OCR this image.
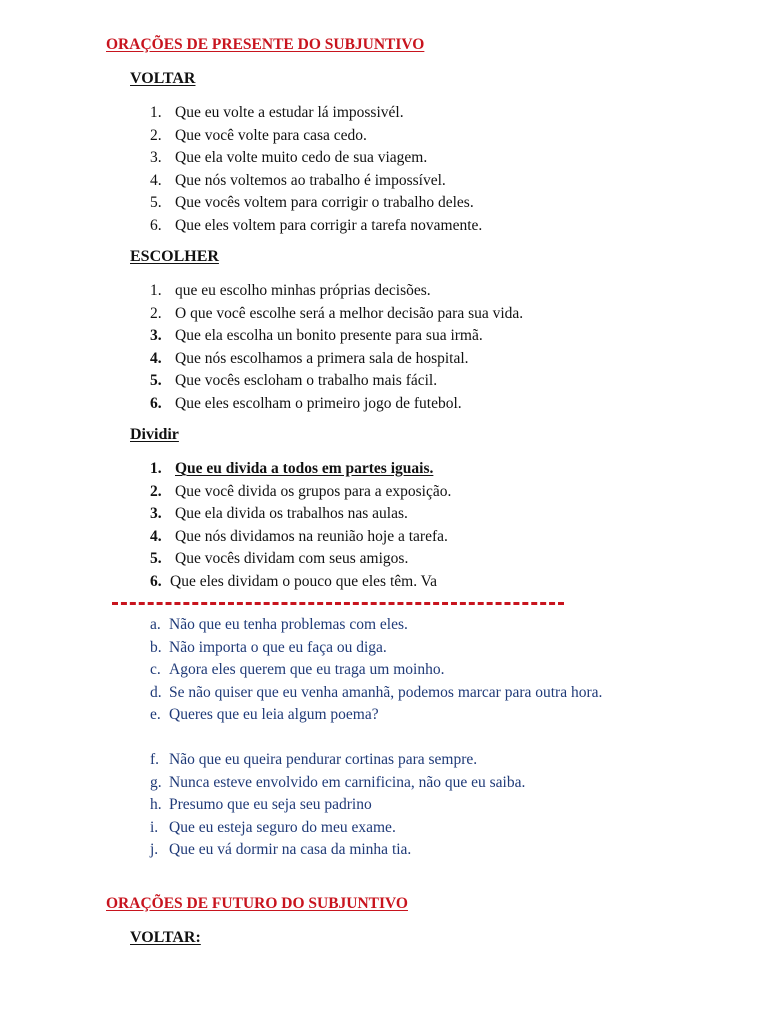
ORAÇÕES DE PRESENTE DO SUBJUNTIVO
VOLTAR
1. Que eu volte a estudar lá impossivél.
2. Que você volte para casa cedo.
3. Que ela volte muito cedo de sua viagem.
4. Que nós voltemos ao trabalho é impossível.
5. Que vocês voltem para corrigir o trabalho deles.
6. Que eles voltem para corrigir a tarefa novamente.
ESCOLHER
1. que eu escolho minhas próprias decisões.
2. O que você escolhe será a melhor decisão para sua vida.
3. Que ela escolha un bonito presente para sua irmã.
4. Que nós escolhamos a primera sala de hospital.
5. Que vocês escloham o trabalho mais fácil.
6. Que eles escolham o primeiro jogo de futebol.
Dividir
1. Que eu divida a todos em partes iguais.
2. Que você divida os grupos para a exposição.
3. Que ela divida os trabalhos nas aulas.
4. Que nós dividamos na reunião hoje a tarefa.
5. Que vocês dividam com seus amigos.
6. Que eles dividam o pouco que eles têm. Va
a. Não que eu tenha problemas com eles.
b. Não importa o que eu faça ou diga.
c. Agora eles querem que eu traga um moinho.
d. Se não quiser que eu venha amanhã, podemos marcar para outra hora.
e. Queres que eu leia algum poema?
f. Não que eu queira pendurar cortinas para sempre.
g. Nunca esteve envolvido em carnificina, não que eu saiba.
h. Presumo que eu seja seu padrino
i. Que eu esteja seguro do meu exame.
j. Que eu vá dormir na casa da minha tia.
ORAÇÕES DE FUTURO DO SUBJUNTIVO
VOLTAR:
